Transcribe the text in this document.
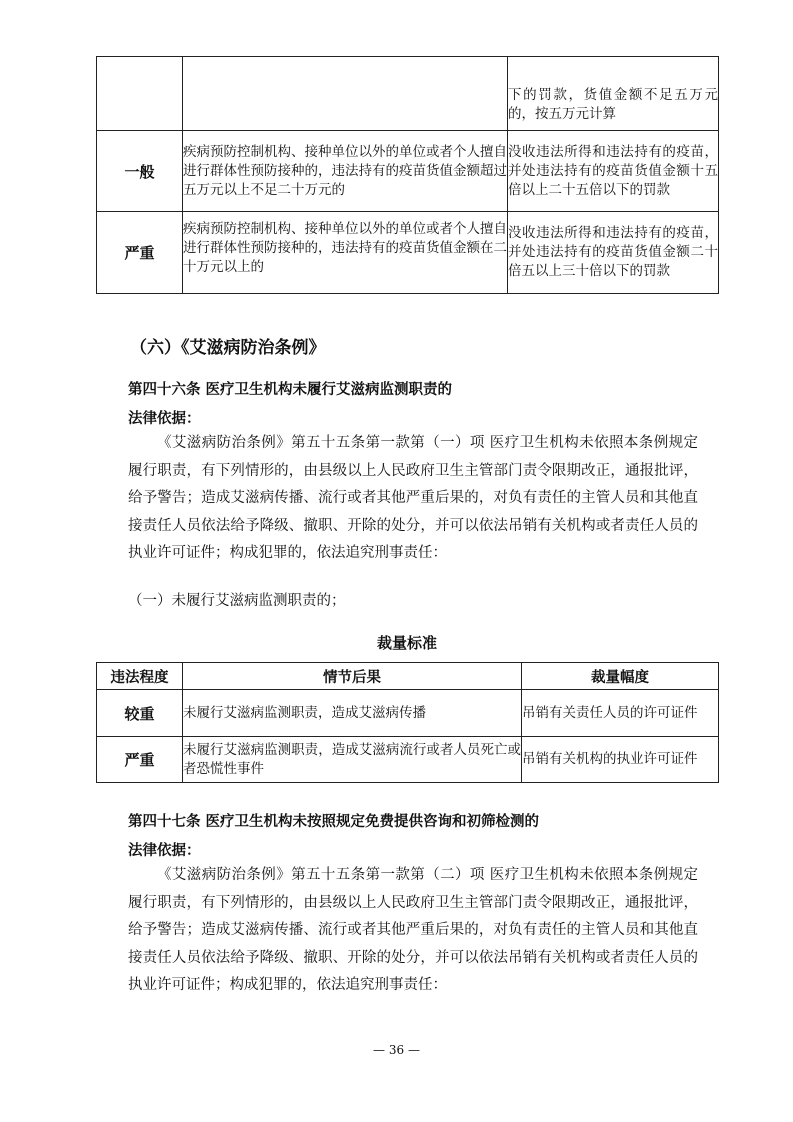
		下的罚款，货值金额不足五万元的，按五万元计算
一般	疾病预防控制机构、接种单位以外的单位或者个人擅自进行群体性预防接种的，违法持有的疫苗货值金额超过五万元以上不足二十万元的	没收违法所得和违法持有的疫苗，并处违法持有的疫苗货值金额十五倍以上二十五倍以下的罚款
严重	疾病预防控制机构、接种单位以外的单位或者个人擅自进行群体性预防接种的，违法持有的疫苗货值金额在二十万元以上的	没收违法所得和违法持有的疫苗，并处违法持有的疫苗货值金额二十倍五以上三十倍以下的罚款
（六）《艾滋病防治条例》
第四十六条 医疗卫生机构未履行艾滋病监测职责的
法律依据：

《艾滋病防治条例》第五十五条第一款第（一）项 医疗卫生机构未依照本条例规定履行职责，有下列情形的，由县级以上人民政府卫生主管部门责令限期改正，通报批评，给予警告；造成艾滋病传播、流行或者其他严重后果的，对负有责任的主管人员和其他直接责任人员依法给予降级、撤职、开除的处分，并可以依法吊销有关机构或者责任人员的执业许可证件；构成犯罪的，依法追究刑事责任：

（一）未履行艾滋病监测职责的；
裁量标准
违法程度	情节后果	裁量幅度
较重	未履行艾滋病监测职责，造成艾滋病传播	吊销有关责任人员的许可证件
严重	未履行艾滋病监测职责，造成艾滋病流行或者人员死亡或者恐慌性事件	吊销有关机构的执业许可证件
第四十七条 医疗卫生机构未按照规定免费提供咨询和初筛检测的
法律依据：

《艾滋病防治条例》第五十五条第一款第（二）项 医疗卫生机构未依照本条例规定履行职责，有下列情形的，由县级以上人民政府卫生主管部门责令限期改正，通报批评，给予警告；造成艾滋病传播、流行或者其他严重后果的，对负有责任的主管人员和其他直接责任人员依法给予降级、撤职、开除的处分，并可以依法吊销有关机构或者责任人员的执业许可证件；构成犯罪的，依法追究刑事责任：

— 36 —
